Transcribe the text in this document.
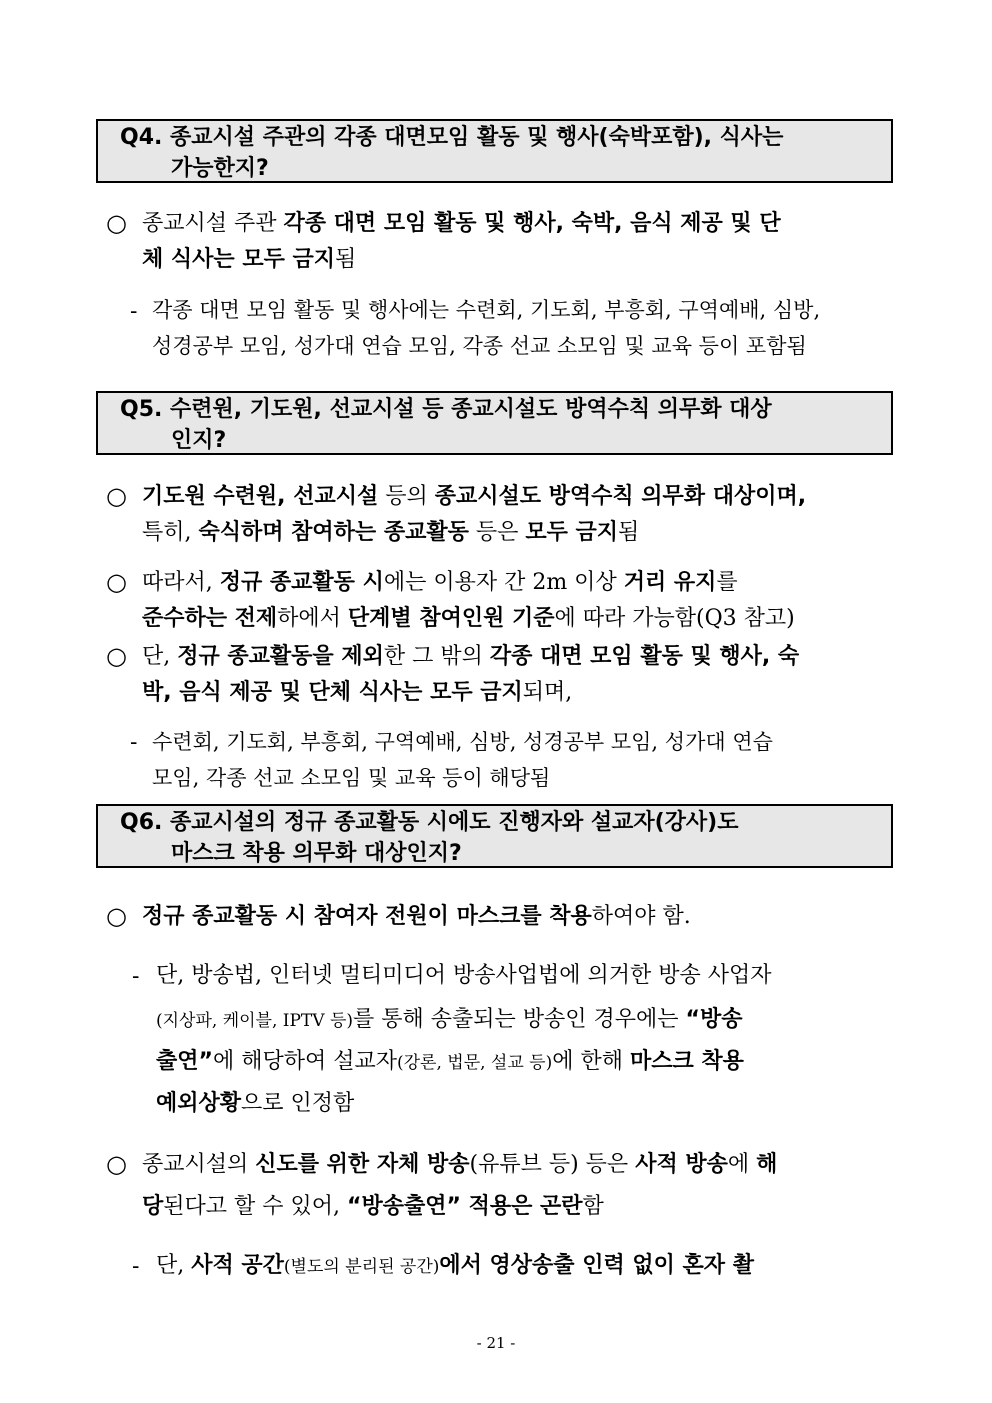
Q4. 종교시설 주관의 각종 대면모임 활동 및 행사(숙박포함), 식사는
가능한지?
○ 종교시설 주관 각종 대면 모임 활동 및 행사, 숙박, 음식 제공 및 단
체 식사는 모두 금지됨
- 각종 대면 모임 활동 및 행사에는 수련회, 기도회, 부흥회, 구역예배, 심방,
성경공부 모임, 성가대 연습 모임, 각종 선교 소모임 및 교육 등이 포함됨
Q5. 수련원, 기도원, 선교시설 등 종교시설도 방역수칙 의무화 대상
인지?
○ 기도원 수련원, 선교시설 등의 종교시설도 방역수칙 의무화 대상이며,
특히, 숙식하며 참여하는 종교활동 등은 모두 금지됨
○ 따라서, 정규 종교활동 시에는 이용자 간 2m 이상 거리 유지를
준수하는 전제하에서 단계별 참여인원 기준에 따라 가능함(Q3 참고)
○ 단, 정규 종교활동을 제외한 그 밖의 각종 대면 모임 활동 및 행사, 숙
박, 음식 제공 및 단체 식사는 모두 금지되며,
- 수련회, 기도회, 부흥회, 구역예배, 심방, 성경공부 모임, 성가대 연습
모임, 각종 선교 소모임 및 교육 등이 해당됨
Q6. 종교시설의 정규 종교활동 시에도 진행자와 설교자(강사)도
마스크 착용 의무화 대상인지?
○ 정규 종교활동 시 참여자 전원이 마스크를 착용하여야 함.
- 단, 방송법, 인터넷 멀티미디어 방송사업법에 의거한 방송 사업자
(지상파, 케이블, IPTV 등)를 통해 송출되는 방송인 경우에는 “방송
출연”에 해당하여 설교자(강론, 법문, 설교 등)에 한해 마스크 착용
예외상황으로 인정함
○ 종교시설의 신도를 위한 자체 방송(유튜브 등) 등은 사적 방송에 해
당된다고 할 수 있어, “방송출연” 적용은 곤란함
- 단, 사적 공간(별도의 분리된 공간)에서 영상송출 인력 없이 혼자 촬
- 21 -
